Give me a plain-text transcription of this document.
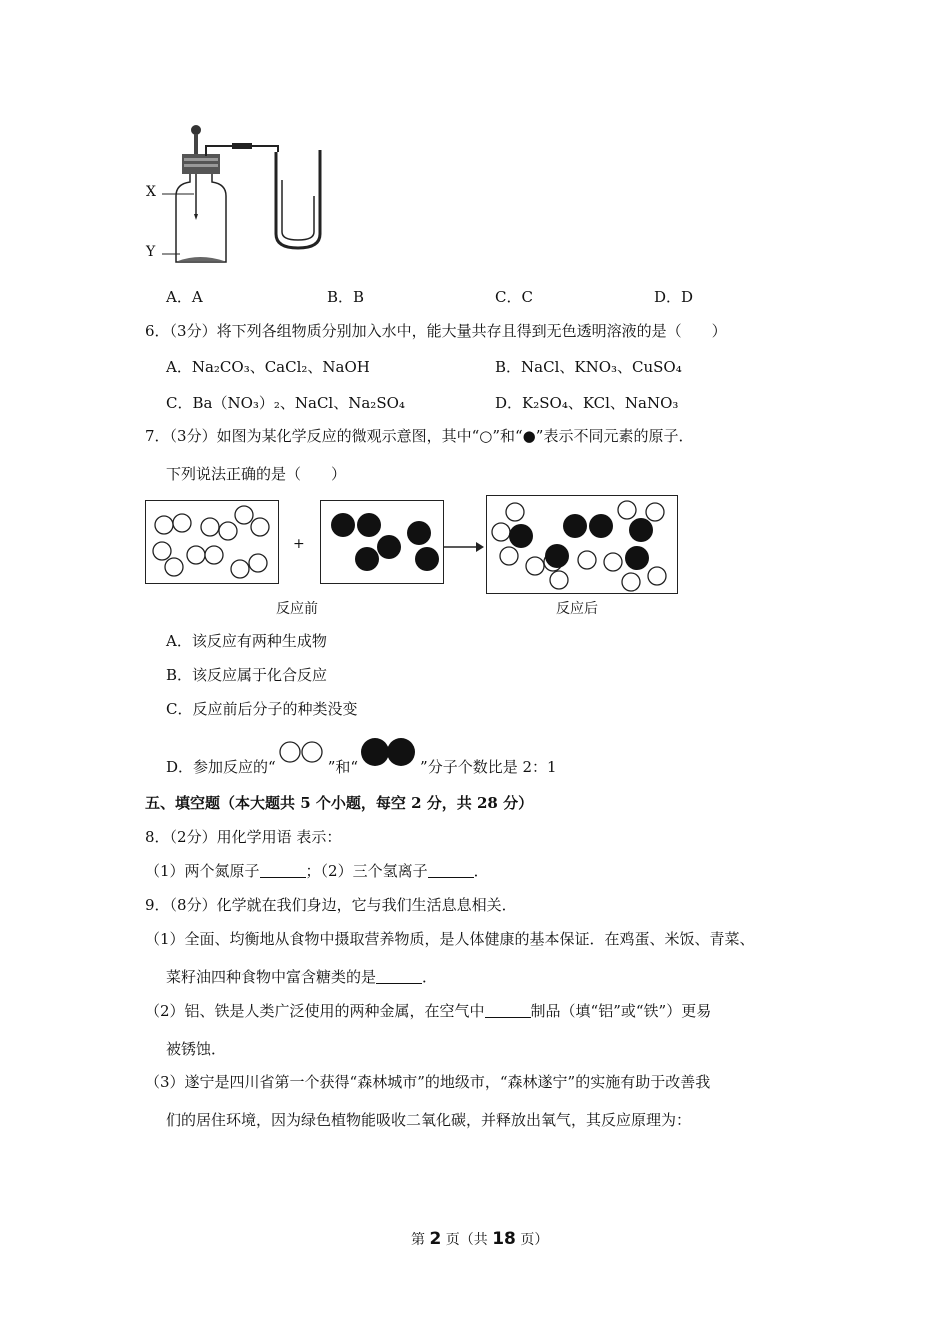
X
Y
A．A	B．B	C．C	D．D
6．（3分）将下列各组物质分别加入水中，能大量共存且得到无色透明溶液的是（　　）
A．Na₂CO₃、CaCl₂、NaOH	B．NaCl、KNO₃、CuSO₄
C．Ba（NO₃）₂、NaCl、Na₂SO₄	D．K₂SO₄、KCl、NaNO₃
7．（3分）如图为某化学反应的微观示意图，其中“○”和“●”表示不同元素的原子．
下列说法正确的是（　　）
+
反应前	反应后
A．该反应有两种生成物
B．该反应属于化合反应
C．反应前后分子的种类没变
D．参加反应的“	”和“	”分子个数比是 2：1
五、填空题（本大题共 5 个小题，每空 2 分，共 28 分）
8．（2分）用化学用语 表示：
（1）两个氮原子	；（2）三个氢离子	．
9．（8分）化学就在我们身边，它与我们生活息息相关．
（1）全面、均衡地从食物中摄取营养物质，是人体健康的基本保证．在鸡蛋、米饭、青菜、
菜籽油四种食物中富含糖类的是	．
（2）铝、铁是人类广泛使用的两种金属，在空气中	制品（填“铝”或“铁”）更易
被锈蚀．
（3）遂宁是四川省第一个获得“森林城市”的地级市，“森林遂宁”的实施有助于改善我
们的居住环境，因为绿色植物能吸收二氧化碳，并释放出氧气，其反应原理为：
第 2 页（共 18 页）
